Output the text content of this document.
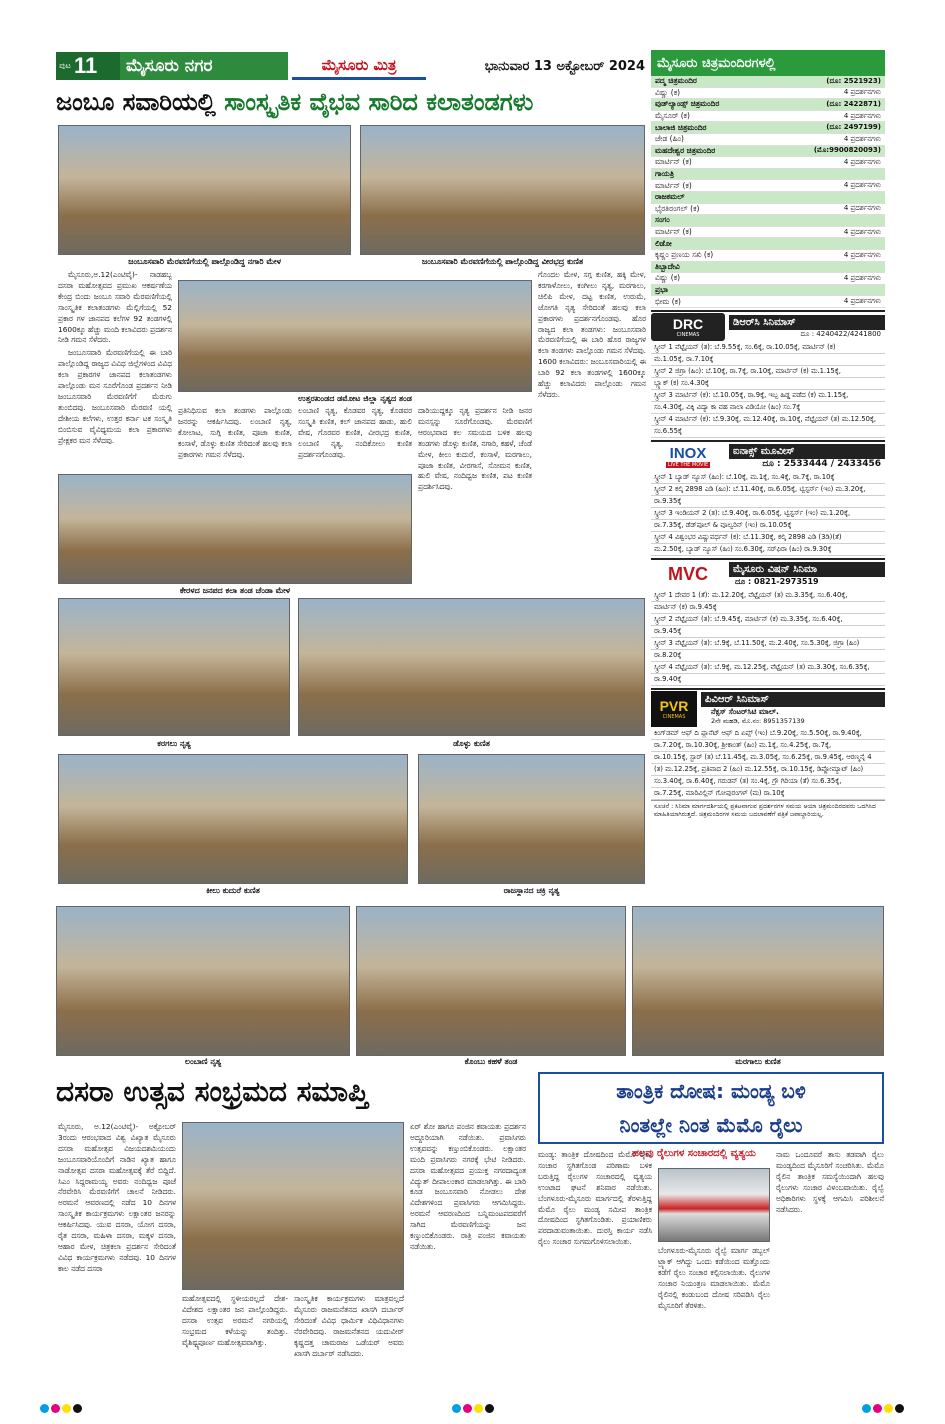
ಪುಟ 11	ಮೈಸೂರು ನಗರ	ಮೈಸೂರು ಮಿತ್ರ	ಭಾನುವಾರ 13 ಅಕ್ಟೋಬರ್ 2024
ಜಂಬೂ ಸವಾರಿಯಲ್ಲಿ ಸಾಂಸ್ಕೃತಿಕ ವೈಭವ ಸಾರಿದ ಕಲಾತಂಡಗಳು
ಜಂಬೂಸವಾರಿ ಮೆರವಣಿಗೆಯಲ್ಲಿ ಪಾಲ್ಗೊಂಡಿದ್ದ ನಗಾರಿ ಮೇಳ	ಜಂಬೂಸವಾರಿ ಮೆರವಣಿಗೆಯಲ್ಲಿ ಪಾಲ್ಗೊಂಡಿದ್ದ ವೀರಭದ್ರ ಕುಣಿತ

ಮೈಸೂರು,ಅ.12(ಎಂಟಿವೈ)- ನಾಡಹಬ್ಬ ದಸರಾ ಮಹೋತ್ಸವದ ಪ್ರಮುಖ ಆಕರ್ಷಣೆಯ ಕೇಂದ್ರ ಬಿಂದು ಜಂಬೂ ಸವಾರಿ ಮೆರವಣಿಗೆಯಲ್ಲಿ ಸಾಂಸ್ಕೃತಿಕ ಕಲಾತಂಡಗಳು ಮೆಲ್ಲಿಗೆಯಲ್ಲಿ 52 ಪ್ರಕಾರ ಗಳ ಜಾನಪದ ಕಲೆಗಳ 92 ತಂಡಗಳಲ್ಲಿ 1600ಕ್ಕೂ ಹೆಚ್ಚು ಮಂದಿ ಕಲಾವಿದರು ಪ್ರದರ್ಶನ ನೀಡಿ ಗಮನ ಸೆಳೆದರು.

ಜಂಬೂಸವಾರಿ ಮೆರವಣಿಗೆಯಲ್ಲಿ ಈ ಬಾರಿ ಪಾಲ್ಗೊಂಡಿದ್ದ ರಾಜ್ಯದ ವಿವಿಧ ಜಿಲ್ಲೆಗಳಿಂದ ವಿವಿಧ ಕಲಾ ಪ್ರಕಾರಗಳ ಜಾನಪದ ಕಲಾತಂಡಗಳು ಪಾಲ್ಗೊಂಡು ಮನ ಸೂರೆಗೊಂಡ ಪ್ರದರ್ಶನ ನೀಡಿ ಜಂಬೂಸವಾರಿ ಮೆರವಣಿಗೆಗೆ ಮೆರುಗು ತುಂಬಿದವು. ಜಂಬೂಸವಾರಿ ಮೆರವಣಿ ಯಲ್ಲಿ ದೇಶೀಯ ಕಲೆಗಳು, ಉತ್ತರ ಕರ್ನಾ ಟಕ ಸಂಸ್ಕೃತಿ ಬಿಂಬಿಸುವ ವೈವಿಧ್ಯಮಯ ಕಲಾ ಪ್ರಕಾರಗಳು ಪ್ರೇಕ್ಷಕರ ಮನ ಸೆಳೆದವು.

ಉತ್ತರಖಂಡದ ಡಮೋಟ ಜಿಲ್ಲಾ ನೃತ್ಯದ ತಂಡ
ಪ್ರತಿನಿಧಿಸುವ ಕಲಾ ತಂಡಗಳು ಪಾಲ್ಗೊಂಡು ಜನರನ್ನು ಆಕರ್ಷಿಸಿದವು. ಲಂಬಾಣಿ ನೃತ್ಯ, ಕೋಲಾಟ, ಸುಗ್ಗಿ ಕುಣಿತ, ಪೂಜಾ ಕುಣಿತ, ಕಂಸಾಳೆ, ಡೊಳ್ಳು ಕುಣಿತ ಸೇರಿದಂತೆ ಹಲವು ಕಲಾ ಪ್ರಕಾರಗಳು ಗಮನ ಸೆಳೆದವು.
ಲಂಬಾಣಿ ನೃತ್ಯ, ಕೊಡವರ ನೃತ್ಯ, ಕೊಡವರ ಸಂಸ್ಕೃತಿ ಕುಣಿತ, ಕಲ್ ಜಾನಪದ ಹಾಡು, ಹುಲಿ ವೇಷ, ಗೊರವರ ಕುಣಿತ, ವೀರಭದ್ರ ಕುಣಿತ, ಲಂಬಾಣಿ ನೃತ್ಯ, ನಂದಿಕೋಲು ಕುಣಿತ ಪ್ರದರ್ಶನಗೊಂಡವು.
ದಾರಿಯುದ್ದಕ್ಕೂ ನೃತ್ಯ ಪ್ರದರ್ಶನ ನೀಡಿ ಜನರ ಮನಸ್ಸನ್ನು ಸೂರೆಗೊಂಡವು. ಮೆರವಣಿಗೆ ಆರಂಭವಾದ ಕಲ ಸಮಯದ ಬಳಿಕ ಹಲವು ತಂಡಗಳು ಡೊಳ್ಳು ಕುಣಿತ, ನಗಾರಿ, ಕಹಳೆ, ಚೆಂಡೆ ಮೇಳ, ಕೀಲು ಕುದುರೆ, ಕಂಸಾಳೆ, ಮರಗಾಲು, ಪೂಜಾ ಕುಣಿತ, ವೀರಗಾಸೆ, ಸೋಮನ ಕುಣಿತ, ಹುಲಿ ವೇಷ, ನಂದಿಧ್ವಜ ಕುಣಿತ, ಪಟ ಕುಣಿತ ಪ್ರದರ್ಶಿಸಿದವು.
ಗೊಂದಲ ಮೇಳ, ಸಗ್ಗ ಕುಣಿತ, ಹಕ್ಕಿ ಮೇಳ, ಕರಗಾಳೋಲು, ಕಂಗೀಲು ನೃತ್ಯ, ಮರಗಾಲು, ಚಿಲಿಪಿ ಮೇಳ, ದಟ್ಟ ಕುಣಿತ, ಉರುಮೆ, ಜೋಗತಿ ನೃತ್ಯ ಸೇರಿದಂತೆ ಹಲವು ಕಲಾ ಪ್ರಕಾರಗಳು ಪ್ರದರ್ಶನಗೊಂಡವು. ಹೊರ ರಾಜ್ಯದ ಕಲಾ ತಂಡಗಳು: ಜಂಬೂಸವಾರಿ ಮೆರವಣಿಗೆಯಲ್ಲಿ ಈ ಬಾರಿ ಹೊರ ರಾಜ್ಯಗಳ ಕಲಾ ತಂಡಗಳು ಪಾಲ್ಗೊಂಡು ಗಮನ ಸೆಳೆದವು. 1600 ಕಲಾವಿದರು: ಜಂಬೂಸವಾರಿಯಲ್ಲಿ ಈ ಬಾರಿ 92 ಕಲಾ ತಂಡಗಳಲ್ಲಿ 1600ಕ್ಕೂ ಹೆಚ್ಚು ಕಲಾವಿದರು ಪಾಲ್ಗೊಂಡು ಗಮನ ಸೆಳೆದರು.
ಕೇರಳದ ಜನಪದ ಕಲಾ ತಂಡ ಚೆಂಡಾ ಮೇಳ
ಕರಗಲು ನೃತ್ಯ	ಡೊಳ್ಳು ಕುಣಿತ
ಕೀಲು ಕುದುರೆ ಕುಣಿತ	ರಾಜಸ್ಥಾನದ ಚಕ್ರಿ ನೃತ್ಯ
ಲಂಬಾಣಿ ನೃತ್ಯ	ಕೊಂಬು ಕಹಳೆ ತಂಡ	ಮರಗಾಲು ಕುಣಿತ
ಮೈಸೂರು ಚಿತ್ರಮಂದಿರಗಳಲ್ಲಿ
ಪದ್ಮ ಚಿತ್ರಮಂದಿರ	(ದೂ: 2521923)
ವಿಷ್ಣು (ಕ)	4 ಪ್ರದರ್ಶನಗಳು
ವುಡ್‌ಲ್ಯಾಂಡ್ಸ್ ಚಿತ್ರಮಂದಿರ	(ದೂ: 2422871)
ಮೈಸೂರ್ (ಕ)	4 ಪ್ರದರ್ಶನಗಳು
ಬಾಲಾಜಿ ಚಿತ್ರಮಂದಿರ	(ದೂ: 2497199)
ಜೇಡ (ಹಿಂ)	4 ಪ್ರದರ್ಶನಗಳು
ಮಹದೇಶ್ವರ ಚಿತ್ರಮಂದಿರ	(ಮೊ:9900820093)
ಮಾರ್ಟಿನ್ (ಕ)	4 ಪ್ರದರ್ಶನಗಳು
ಗಾಯತ್ರಿ
ಮಾರ್ಟಿನ್ (ಕ)	4 ಪ್ರದರ್ಶನಗಳು
ರಾಜಕಮಲ್
ಭೈರತಿರಂಗಲ್ (ಕ)	4 ಪ್ರದರ್ಶನಗಳು
ಸಂಗಂ
ಮಾರ್ಟಿನ್ (ಕ)	4 ಪ್ರದರ್ಶನಗಳು
ಲಿಡೋ
ಕೃಷ್ಣಂ ಪ್ರಣಯ ಸಖಿ (ಕ)	4 ಪ್ರದರ್ಶನಗಳು
ತಿಬ್ಬಾದೇವಿ
ವಿಷ್ಣು (ಕ)	4 ಪ್ರದರ್ಶನಗಳು
ಪ್ರಭಾ
ಭೀಮ (ಕ)	4 ಪ್ರದರ್ಶನಗಳು
DRC
CINEMAS
ಡಿಆರ್‌ಸಿ ಸಿನಿಮಾಸ್
ದೂ : 4240422/4241800
ಸ್ಕ್ರೀನ್ 1 ವೆಟ್ಟೈಯನ್ (ತ): ಬೆ.9.55ಕ್ಕೆ, ಸಂ.6ಕ್ಕೆ, ರಾ.10.05ಕ್ಕೆ, ಮಾರ್ಟಿನ್ (ಕ)
ಮ.1.05ಕ್ಕೆ, ರಾ.7.10ಕ್ಕೆ
ಸ್ಕ್ರೀನ್ 2 ಜಿಗ್ರಾ (ಹಿಂ): ಬೆ.10ಕ್ಕೆ, ರಾ.7ಕ್ಕೆ, ರಾ.10ಕ್ಕೆ, ಮಾರ್ಟಿನ್ (ಕ) ಮ.1.15ಕ್ಕೆ,
ಬ್ಲ್ಯಾಕ್ (ಕ) ಸಂ.4.30ಕ್ಕೆ
ಸ್ಕ್ರೀನ್ 3 ಮಾರ್ಟಿನ್ (ಕ): ಬೆ.10.05ಕ್ಕೆ, ರಾ.9ಕ್ಕೆ, ಇಬ್ಬ ಹಿಡ್ಡ ಪಡೆದ (ಕ) ಮ.1.15ಕ್ಕೆ,
ಸಂ.4.30ಕ್ಕೆ, ವಿಕ್ಕಿ ವಿದ್ಯಾ ಕಾ ವಹ ವಾಲಾ ವಿಡಿಯೋ (ಹಿಂ) ಸಂ.7ಕ್ಕೆ
ಸ್ಕ್ರೀನ್ 4 ಮಾರ್ಟಿನ್ (ಕ): ಬೆ.9.30ಕ್ಕೆ, ಮ.12.40ಕ್ಕೆ, ರಾ.10ಕ್ಕೆ, ವೆಟ್ಟೈಯನ್ (ತ) ಮ.12.50ಕ್ಕೆ,
ಸಂ.6.55ಕ್ಕೆ
INOX
LIVE THE MOVIE
ಐನಾಕ್ಸ್ ಮೂವೀಸ್
ದೂ : 2533444 / 2433456
ಸ್ಕ್ರೀನ್ 1 ಬ್ಯಾಡ್ ನ್ಯೂಸ್ (ಹಿಂ): ಬೆ.10ಕ್ಕೆ, ಮ.1ಕ್ಕೆ, ಸಂ.4ಕ್ಕೆ, ರಾ.7ಕ್ಕೆ, ರಾ.10ಕ್ಕೆ
ಸ್ಕ್ರೀನ್ 2 ಕಲ್ಕಿ 2898 ಎಡಿ (ಹಿಂ): ಬೆ.11.40ಕ್ಕೆ, ರಾ.6.05ಕ್ಕೆ, ಟ್ವಿಸ್ಟರ್ಸ್ (ಇಂ) ಮ.3.20ಕ್ಕೆ,
ರಾ.9.35ಕ್ಕೆ
ಸ್ಕ್ರೀನ್ 3 ಇಂಡಿಯನ್ 2 (ತ): ಬೆ.9.40ಕ್ಕೆ, ರಾ.6.05ಕ್ಕೆ, ಟ್ವಿಸ್ಟರ್ಸ್ (ಇಂ) ಮ.1.20ಕ್ಕೆ,
ರಾ.7.35ಕ್ಕೆ, ಡೆಡ್‌ಪೂಲ್ & ವೂಲ್ವರಿನ್ (ಇಂ) ರಾ.10.05ಕ್ಕೆ
ಸ್ಕ್ರೀನ್ 4 ವಿಶ್ವಂಭರ ವಿಷ್ಣುವರ್ಧನ್ (ಕ): ಬೆ.11.30ಕ್ಕೆ, ಕಲ್ಕಿ 2898 ಎಡಿ (3ಡಿ)(ತೆ)
ಮ.2.50ಕ್ಕೆ, ಬ್ಯಾಡ್ ನ್ಯೂಸ್ (ಹಿಂ) ಸಂ.6.30ಕ್ಕೆ, ಸರ್‌ಫಿರಾ (ಹಿಂ) ರಾ.9.30ಕ್ಕೆ
MVC	ಮೈಸೂರು ವಿಷನ್ ಸಿನಿಮಾ
ದೂ : 0821-2973519
ಸ್ಕ್ರೀನ್ 1 ದೇವರ 1 (ತೆ): ಮ.12.20ಕ್ಕೆ, ವೆಟ್ಟೈಯನ್ (ತ) ಮ.3.35ಕ್ಕೆ, ಸಂ.6.40ಕ್ಕೆ,
ಮಾರ್ಟಿನ್ (ಕ) ರಾ.9.45ಕ್ಕೆ
ಸ್ಕ್ರೀನ್ 2 ವೆಟ್ಟೈಯನ್ (ತ): ಬೆ.9.45ಕ್ಕೆ, ಮಾರ್ಟಿನ್ (ಕ) ಮ.3.35ಕ್ಕೆ, ಸಂ.6.40ಕ್ಕೆ,
ರಾ.9.45ಕ್ಕೆ
ಸ್ಕ್ರೀನ್ 3 ವೆಟ್ಟೈಯನ್ (ತ): ಬೆ.9ಕ್ಕೆ, ಬೆ.11.50ಕ್ಕೆ, ಮ.2.40ಕ್ಕೆ, ಸಂ.5.30ಕ್ಕೆ, ಜಿಗ್ರಾ (ಹಿಂ)
ರಾ.8.20ಕ್ಕೆ
ಸ್ಕ್ರೀನ್ 4 ವೆಟ್ಟೈಯನ್ (ತ): ಬೆ.9ಕ್ಕೆ, ಮ.12.25ಕ್ಕೆ, ವೆಟ್ಟೈಯನ್ (ತ) ಮ.3.30ಕ್ಕೆ, ಸಂ.6.35ಕ್ಕೆ,
ರಾ.9.40ಕ್ಕೆ
PVR
CINEMAS
ಪಿವಿಆರ್ ಸಿನಿಮಾಸ್
ನೆಕ್ಸಸ್ ಸೆಂಟರ್‌ಸಿಟಿ ಮಾಲ್.
2ನೇ ಮಹಡಿ, ಮೊ.ನಂ: 8951357139
ಕಿಂಗ್‌ಡಮ್ ಆಫ್ ದಿ ಪ್ಲಾನೆಟ್ ಆಫ್ ದಿ ಏಪ್ಸ್ (ಇಂ) ಬೆ.9.20ಕ್ಕೆ, ಸಂ.5.50ಕ್ಕೆ, ರಾ.9.40ಕ್ಕೆ,
ರಾ.7.20ಕ್ಕೆ, ರಾ.10.30ಕ್ಕೆ, ಶ್ರೀಕಾಂತ್ (ಹಿಂ) ಮ.1ಕ್ಕೆ, ಸಂ.4.25ಕ್ಕೆ, ರಾ.7ಕ್ಕೆ,
ರಾ.10.15ಕ್ಕೆ, ಸ್ಟಾರ್ (ತ) ಬೆ.11.45ಕ್ಕೆ, ಮ.3.05ಕ್ಕೆ, ಸಂ.6.25ಕ್ಕೆ, ರಾ.9.45ಕ್ಕೆ, ಆರಣ್ಮನೈ 4
(ತ) ಮ.12.25ಕ್ಕೆ, ಪ್ರತಿವಾದ 2 (ಹಿಂ) ಮ.12.55ಕ್ಕೆ, ರಾ.10.15ಕ್ಕೆ, ಡಿಪ್ಲೋಮ್ಯಾಟ್ (ಹಿಂ)
ಸಂ.3.40ಕ್ಕೆ, ರಾ.6.40ಕ್ಕೆ, ಗರುಡನ್ (ತ) ಸಂ.4ಕ್ಕೆ, ಗ್ರೌ ಗಿರಿಯಾ (ತೆ) ಸಂ.6.35ಕ್ಕೆ,
ರಾ.7.25ಕ್ಕೆ, ಮಾರಿವಿಲ್ಲಿನ್ ಗೋಪುರಂಗಳ್ (ಮ) ರಾ.10ಕ್ಕೆ
ಸೂಚನೆ : ಸಿನಿಮಾ ಮಾರ್ಗದರ್ಶಿಯಲ್ಲಿ ಪ್ರಕಟವಾಗುವ ಪ್ರದರ್ಶನಗಳ ಸಮಯ ಆಯಾ ಚಿತ್ರಮಂದಿರದವರು ಒದಗಿಸಿದ ಮಾಹಿತಿಯಾಗಿರುತ್ತದೆ. ಚಿತ್ರಮಂದಿರಗಳ ಸಮಯ ಬದಲಾವಣೆಗೆ ಪತ್ರಿಕೆ ಜವಾಬ್ದಾರಿಯಲ್ಲ.
ದಸರಾ ಉತ್ಸವ ಸಂಭ್ರಮದ ಸಮಾಪ್ತಿ
ಮೈಸೂರು, ಅ.12(ಎಂಟಿವೈ)- ಅಕ್ಟೋಬರ್ 3ರಂದು ಆರಂಭವಾದ ವಿಶ್ವ ವಿಖ್ಯಾತ ಮೈಸೂರು ದಸರಾ ಮಹೋತ್ಸವ ವಿಜಯದಶಮಿಯಂದು ಜಂಬೂಸವಾರಿಯೊಂದಿಗೆ ನಾಡಿನ ಖ್ಯಾತ ಹಾಗೂ ನಾಡೋತ್ಸವ ದಸರಾ ಮಹೋತ್ಸವಕ್ಕೆ ತೆರೆ ಬಿದ್ದಿದೆ. ಸಿಎಂ ಸಿದ್ದರಾಮಯ್ಯ ಅವರು ನಂದಿಧ್ವಜ ಪೂಜೆ ನೆರವೇರಿಸಿ ಮೆರವಣಿಗೆಗೆ ಚಾಲನೆ ನೀಡಿದರು. ಅರಮನೆ ಆವರಣದಲ್ಲಿ ನಡೆದ 10 ದಿನಗಳ ಸಾಂಸ್ಕೃತಿಕ ಕಾರ್ಯಕ್ರಮಗಳು ಲಕ್ಷಾಂತರ ಜನರನ್ನು ಆಕರ್ಷಿಸಿದವು. ಯುವ ದಸರಾ, ಯೋಗ ದಸರಾ, ರೈತ ದಸರಾ, ಮಹಿಳಾ ದಸರಾ, ಮಕ್ಕಳ ದಸರಾ, ಆಹಾರ ಮೇಳ, ಚಿತ್ರಕಲಾ ಪ್ರದರ್ಶನ ಸೇರಿದಂತೆ ವಿವಿಧ ಕಾರ್ಯಕ್ರಮಗಳು ನಡೆದವು. 10 ದಿನಗಳ ಕಾಲ ನಡೆದ ದಸರಾ
ಮಹೋತ್ಸವದಲ್ಲಿ ಸ್ಥಳೀಯರಲ್ಲದೆ ದೇಶ-ವಿದೇಶದ ಲಕ್ಷಾಂತರ ಜನ ಪಾಲ್ಗೊಂಡಿದ್ದರು. ದಸರಾ ಉತ್ಸವ ಅರಮನೆ ನಗರಿಯಲ್ಲಿ ಸಂಭ್ರಮದ ಕಳೆಯನ್ನು ತಂದಿತ್ತು. ವೈಶಿಷ್ಟ್ಯಪೂರ್ಣ ಮಹೋತ್ಸವವಾಗಿತ್ತು.
ಸಾಂಸ್ಕೃತಿಕ ಕಾರ್ಯಕ್ರಮಗಳು ಮಾತ್ರವಲ್ಲದೆ ಮೈಸೂರು ರಾಜಮನೆತನದ ಖಾಸಗಿ ದರ್ಬಾರ್ ಸೇರಿದಂತೆ ವಿವಿಧ ಧಾರ್ಮಿಕ ವಿಧಿವಿಧಾನಗಳು ನೆರವೇರಿದವು. ರಾಜಮನೆತನದ ಯದುವೀರ್ ಕೃಷ್ಣದತ್ತ ಚಾಮರಾಜ ಒಡೆಯರ್ ಅವರು ಖಾಸಗಿ ದರ್ಬಾರ್ ನಡೆಸಿದರು.
ಏರ್ ಶೋ ಹಾಗೂ ಪಂಜಿನ ಕವಾಯತು ಪ್ರದರ್ಶನ ಅದ್ದೂರಿಯಾಗಿ ನಡೆಯಿತು. ಪ್ರವಾಸಿಗರು ಉತ್ಸವವನ್ನು ಕಣ್ತುಂಬಿಕೊಂಡರು. ಲಕ್ಷಾಂತರ ಮಂದಿ ಪ್ರವಾಸಿಗರು ನಗರಕ್ಕೆ ಭೇಟಿ ನೀಡಿದರು. ದಸರಾ ಮಹೋತ್ಸವದ ಪ್ರಯುಕ್ತ ನಗರದಾದ್ಯಂತ ವಿದ್ಯುತ್ ದೀಪಾಲಂಕಾರ ಮಾಡಲಾಗಿತ್ತು. ಈ ಬಾರಿ ಕೂಡ ಜಂಬೂಸವಾರಿ ನೋಡಲು ದೇಶ ವಿದೇಶಗಳಿಂದ ಪ್ರವಾಸಿಗರು ಆಗಮಿಸಿದ್ದರು. ಅರಮನೆ ಆವರಣದಿಂದ ಬನ್ನಿಮಂಟಪದವರೆಗೆ ಸಾಗಿದ ಮೆರವಣಿಗೆಯನ್ನು ಜನ ಕಣ್ತುಂಬಿಕೊಂಡರು. ರಾತ್ರಿ ಪಂಜಿನ ಕವಾಯತು ನಡೆಯಿತು.
ತಾಂತ್ರಿಕ ದೋಷ: ಮಂಡ್ಯ ಬಳಿ
ನಿಂತಲ್ಲೇ ನಿಂತ ಮೆಮೊ ರೈಲು
ಹಲವು ರೈಲುಗಳ ಸಂಚಾರದಲ್ಲಿ ವ್ಯತ್ಯಯ
ಮಂಡ್ಯ: ತಾಂತ್ರಿಕ ದೋಷದಿಂದ ಮೆಮೊ ರೈಲು ಸಂಚಾರ ಸ್ಥಗಿತಗೊಂಡ ಪರಿಣಾಮ ಬಳಿಕ ಬರುತ್ತಿದ್ದ ರೈಲುಗಳ ಸಂಚಾರದಲ್ಲಿ ವ್ಯತ್ಯಯ ಉಂಟಾದ ಘಟನೆ ಶನಿವಾರ ನಡೆಯಿತು. ಬೆಂಗಳೂರು-ಮೈಸೂರು ಮಾರ್ಗದಲ್ಲಿ ತೆರಳುತ್ತಿದ್ದ ಮೆಮೊ ರೈಲು ಮಂಡ್ಯ ಸಮೀಪ ತಾಂತ್ರಿಕ ದೋಷದಿಂದ ಸ್ಥಗಿತಗೊಂಡಿತು. ಪ್ರಯಾಣಿಕರು ಪರದಾಡುವಂತಾಯಿತು. ದುರಸ್ತಿ ಕಾರ್ಯ ನಡೆಸಿ ರೈಲು ಸಂಚಾರ ಸುಗಮಗೊಳಿಸಲಾಯಿತು.
ಬೆಂಗಳೂರು-ಮೈಸೂರು ರೈಲ್ವೆ ಮಾರ್ಗ ಡಬ್ಬಲ್ ಟ್ರ್ಯಾಕ್ ಆಗಿದ್ದು ಒಂದು ಕಡೆಯಿಂದ ಮತ್ತೊಂದು ಕಡೆಗೆ ರೈಲು ಸಂಚಾರ ಕಲ್ಪಿಸಲಾಯಿತು. ರೈಲುಗಳ ಸಂಚಾರ ನಿಯಂತ್ರಣ ಮಾಡಲಾಯಿತು. ಮೆಮೊ ರೈಲಿನಲ್ಲಿ ಕಂಡುಬಂದ ದೋಷ ಸರಿಪಡಿಸಿ ರೈಲು ಮೈಸೂರಿಗೆ ತೆರಳಿತು.
ನಾಮ ಒಂದೂವರೆ ತಾಸು ತಡವಾಗಿ ರೈಲು ಮಂಡ್ಯದಿಂದ ಮೈಸೂರಿಗೆ ಸಂಚರಿಸಿತು. ಮೆಮೊ ರೈಲಿನ ತಾಂತ್ರಿಕ ಸಮಸ್ಯೆಯಿಂದಾಗಿ ಹಲವು ರೈಲುಗಳು ಸಂಚಾರ ವಿಳಂಬವಾಯಿತು. ರೈಲ್ವೆ ಅಧಿಕಾರಿಗಳು ಸ್ಥಳಕ್ಕೆ ಆಗಮಿಸಿ ಪರಿಶೀಲನೆ ನಡೆಸಿದರು.
